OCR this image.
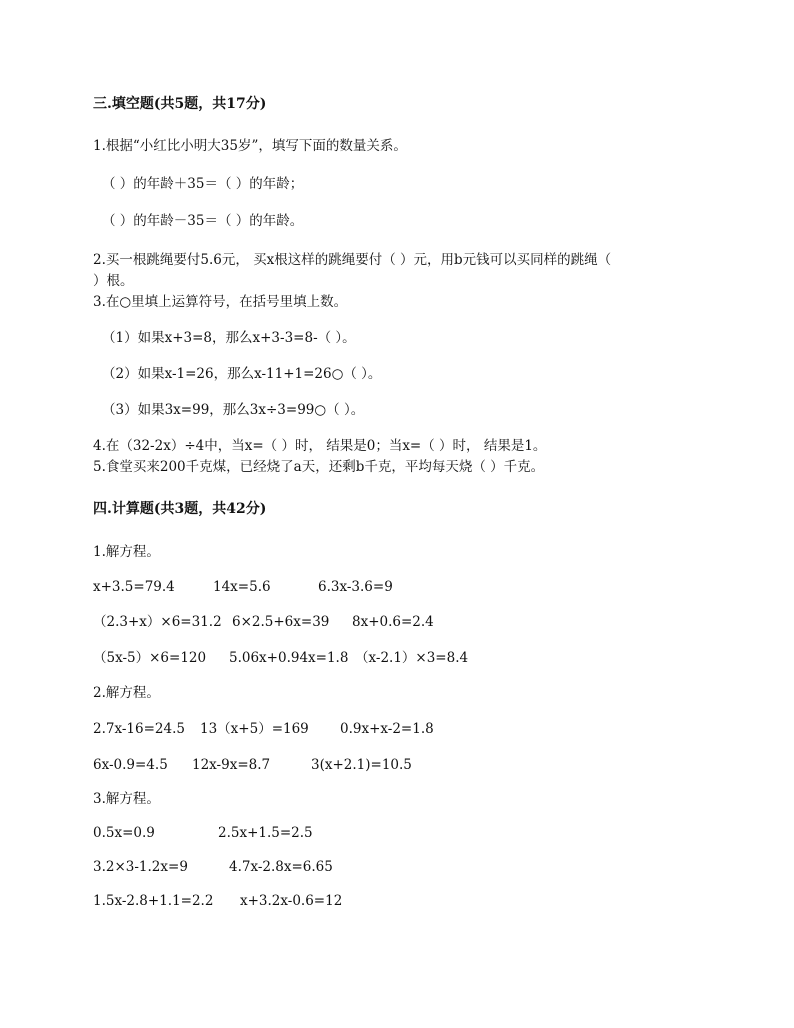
三.填空题(共5题，共17分)
1.根据“小红比小明大35岁”，填写下面的数量关系。
（ ）的年龄＋35＝（ ）的年龄；
（ ）的年龄－35＝（ ）的年龄。
2.买一根跳绳要付5.6元， 买x根这样的跳绳要付（ ）元，用b元钱可以买同样的跳绳（
）根。
3.在○里填上运算符号，在括号里填上数。
（1）如果x+3=8，那么x+3-3=8-（ ）。
（2）如果x-1=26，那么x-11+1=26○（ ）。
（3）如果3x=99，那么3x÷3=99○（ ）。
4.在（32-2x）÷4中，当x=（ ）时， 结果是0；当x=（ ）时， 结果是1。
5.食堂买来200千克煤，已经烧了a天，还剩b千克，平均每天烧（ ）千克。
四.计算题(共3题，共42分)
1.解方程。
x+3.5=79.4	14x=5.6	6.3x-3.6=9
（2.3+x）×6=31.2 6×2.5+6x=39 8x+0.6=2.4
（5x-5）×6=120 5.06x+0.94x=1.8 （x-2.1）×3=8.4
2.解方程。
2.7x-16=24.5 13（x+5）=169 0.9x+x-2=1.8
6x-0.9=4.5 12x-9x=8.7	3(x+2.1)=10.5
3.解方程。
0.5x=0.9	2.5x+1.5=2.5
3.2×3-1.2x=9	4.7x-2.8x=6.65
1.5x-2.8+1.1=2.2 x+3.2x-0.6=12
